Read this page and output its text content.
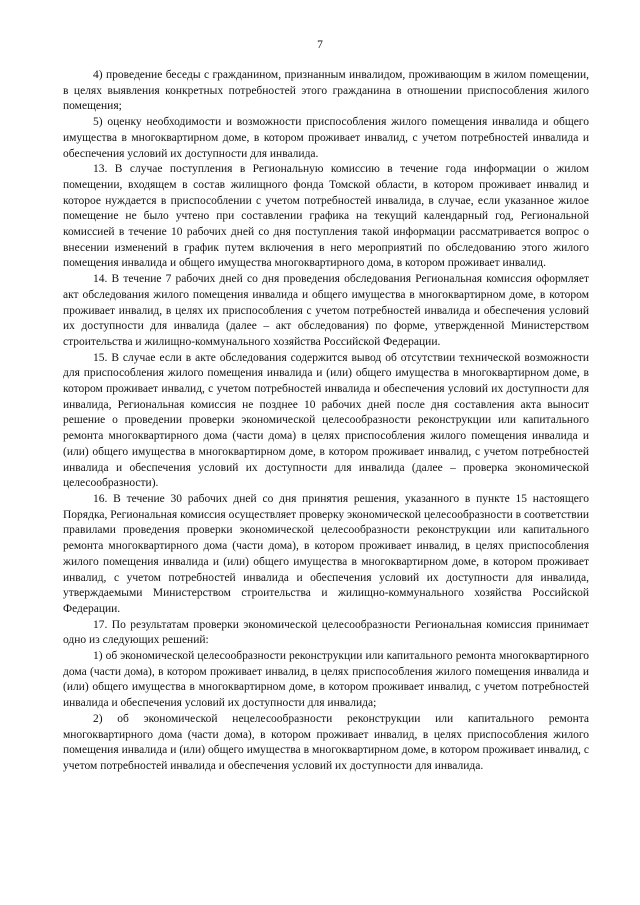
7

4) проведение беседы с гражданином, признанным инвалидом, проживающим в жилом помещении, в целях выявления конкретных потребностей этого гражданина в отношении приспособления жилого помещения;

5) оценку необходимости и возможности приспособления жилого помещения инвалида и общего имущества в многоквартирном доме, в котором проживает инвалид, с учетом потребностей инвалида и обеспечения условий их доступности для инвалида.

13. В случае поступления в Региональную комиссию в течение года информации о жилом помещении, входящем в состав жилищного фонда Томской области, в котором проживает инвалид и которое нуждается в приспособлении с учетом потребностей инвалида, в случае, если указанное жилое помещение не было учтено при составлении графика на текущий календарный год, Региональной комиссией в течение 10 рабочих дней со дня поступления такой информации рассматривается вопрос о внесении изменений в график путем включения в него мероприятий по обследованию этого жилого помещения инвалида и общего имущества многоквартирного дома, в котором проживает инвалид.

14. В течение 7 рабочих дней со дня проведения обследования Региональная комиссия оформляет акт обследования жилого помещения инвалида и общего имущества в многоквартирном доме, в котором проживает инвалид, в целях их приспособления с учетом потребностей инвалида и обеспечения условий их доступности для инвалида (далее – акт обследования) по форме, утвержденной Министерством строительства и жилищно-коммунального хозяйства Российской Федерации.

15. В случае если в акте обследования содержится вывод об отсутствии технической возможности для приспособления жилого помещения инвалида и (или) общего имущества в многоквартирном доме, в котором проживает инвалид, с учетом потребностей инвалида и обеспечения условий их доступности для инвалида, Региональная комиссия не позднее 10 рабочих дней после дня составления акта выносит решение о проведении проверки экономической целесообразности реконструкции или капитального ремонта многоквартирного дома (части дома) в целях приспособления жилого помещения инвалида и (или) общего имущества в многоквартирном доме, в котором проживает инвалид, с учетом потребностей инвалида и обеспечения условий их доступности для инвалида (далее – проверка экономической целесообразности).

16. В течение 30 рабочих дней со дня принятия решения, указанного в пункте 15 настоящего Порядка, Региональная комиссия осуществляет проверку экономической целесообразности в соответствии правилами проведения проверки экономической целесообразности реконструкции или капитального ремонта многоквартирного дома (части дома), в котором проживает инвалид, в целях приспособления жилого помещения инвалида и (или) общего имущества в многоквартирном доме, в котором проживает инвалид, с учетом потребностей инвалида и обеспечения условий их доступности для инвалида, утверждаемыми Министерством строительства и жилищно-коммунального хозяйства Российской Федерации.

17. По результатам проверки экономической целесообразности Региональная комиссия принимает одно из следующих решений:

1) об экономической целесообразности реконструкции или капитального ремонта многоквартирного дома (части дома), в котором проживает инвалид, в целях приспособления жилого помещения инвалида и (или) общего имущества в многоквартирном доме, в котором проживает инвалид, с учетом потребностей инвалида и обеспечения условий их доступности для инвалида;

2) об экономической нецелесообразности реконструкции или капитального ремонта многоквартирного дома (части дома), в котором проживает инвалид, в целях приспособления жилого помещения инвалида и (или) общего имущества в многоквартирном доме, в котором проживает инвалид, с учетом потребностей инвалида и обеспечения условий их доступности для инвалида.
